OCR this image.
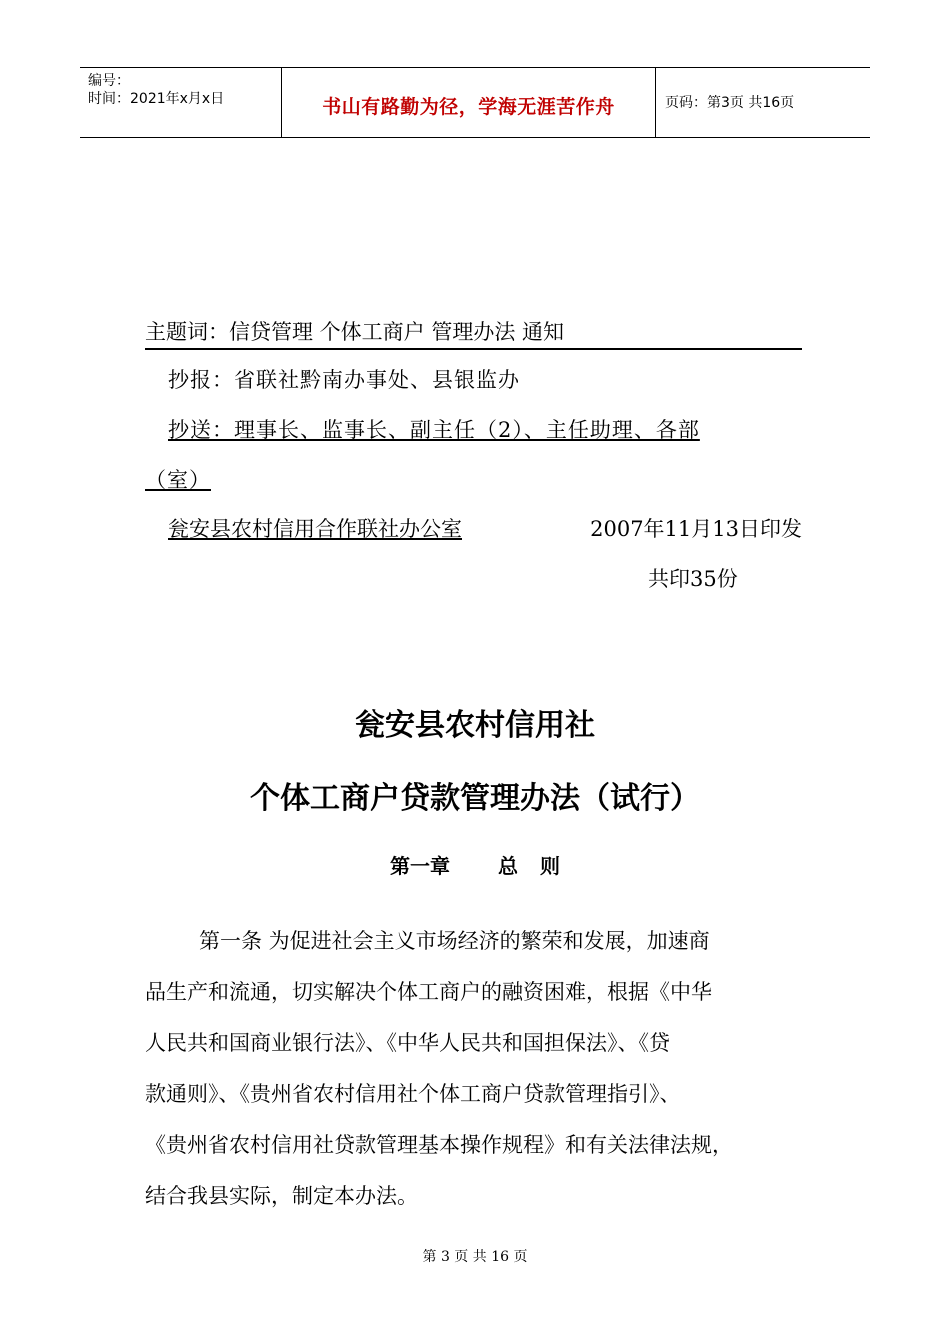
编号：
时间：2021年x月x日	书山有路勤为径，学海无涯苦作舟	页码：第3页 共16页
主题词：信贷管理 个体工商户 管理办法 通知
抄报：省联社黔南办事处、县银监办
抄送：理事长、监事长、副主任（2）、主任助理、各部
（室）
瓮安县农村信用合作联社办公室	2007年11月13日印发
共印35份
瓮安县农村信用社
个体工商户贷款管理办法（试行）
第一章 总 则
第一条 为促进社会主义市场经济的繁荣和发展，加速商
品生产和流通，切实解决个体工商户的融资困难，根据《中华
人民共和国商业银行法》、《中华人民共和国担保法》、《贷
款通则》、《贵州省农村信用社个体工商户贷款管理指引》、
《贵州省农村信用社贷款管理基本操作规程》和有关法律法规，
结合我县实际，制定本办法。
第 3 页 共 16 页
